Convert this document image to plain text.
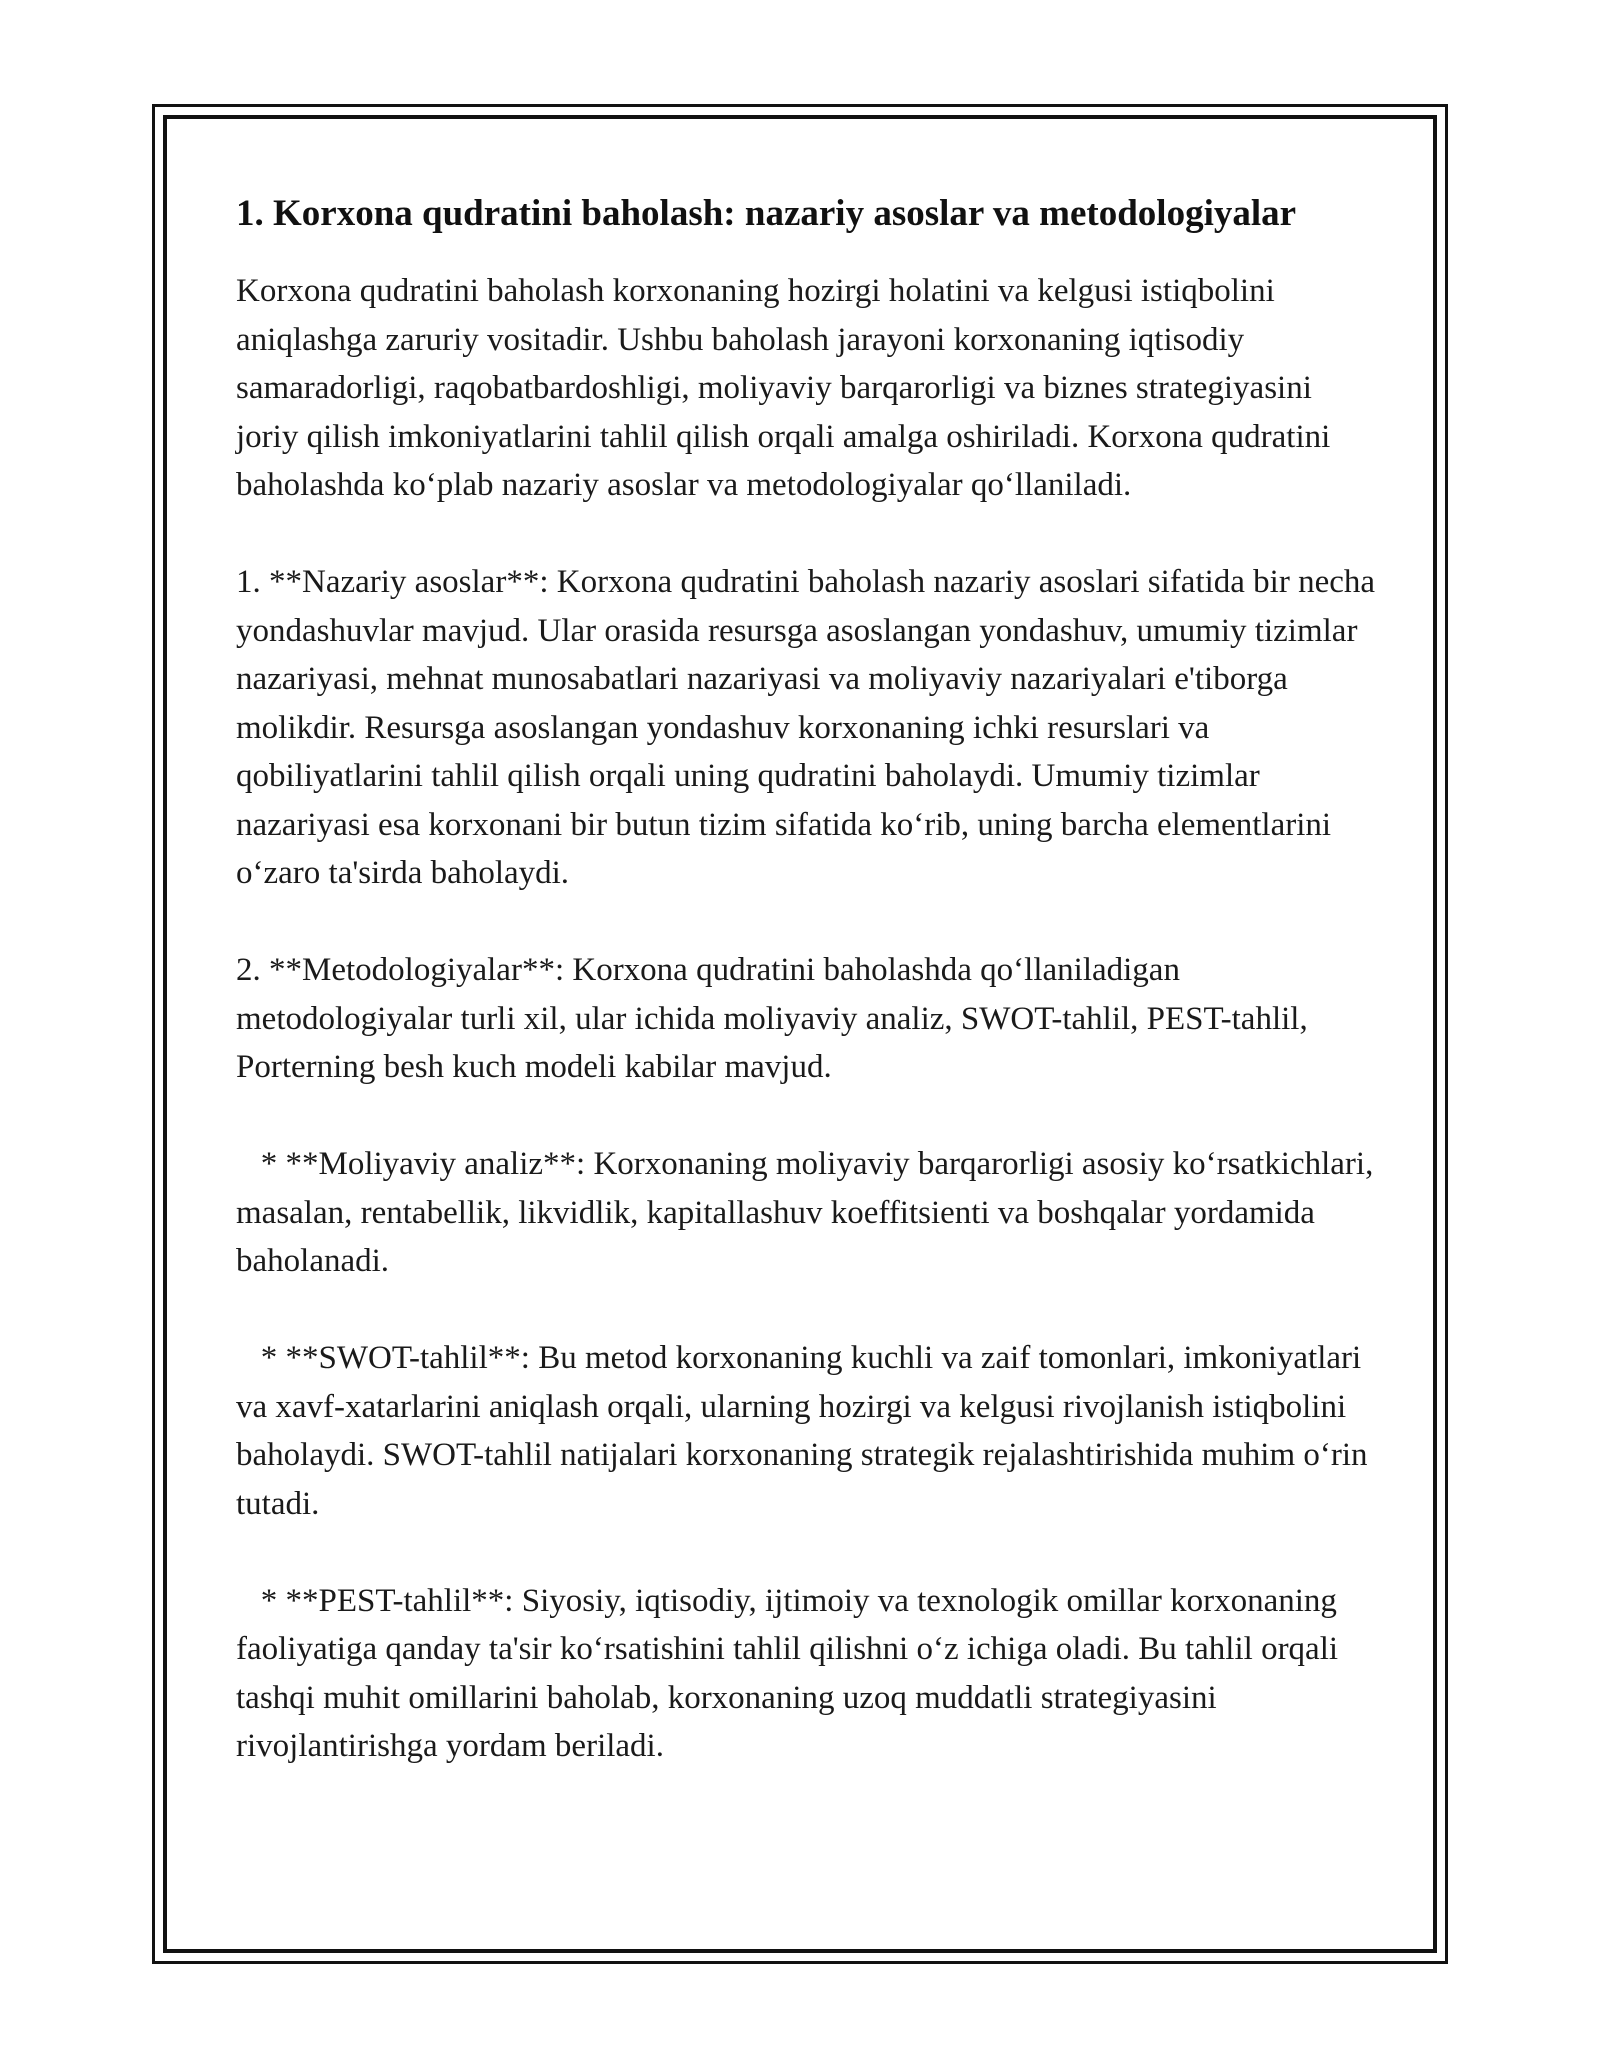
1. Korxona qudratini baholash: nazariy asoslar va metodologiyalar

Korxona qudratini baholash korxonaning hozirgi holatini va kelgusi istiqbolini aniqlashga zaruriy vositadir. Ushbu baholash jarayoni korxonaning iqtisodiy samaradorligi, raqobatbardoshligi, moliyaviy barqarorligi va biznes strategiyasini joriy qilish imkoniyatlarini tahlil qilish orqali amalga oshiriladi. Korxona qudratini baholashda ko‘plab nazariy asoslar va metodologiyalar qo‘llaniladi.

1. **Nazariy asoslar**: Korxona qudratini baholash nazariy asoslari sifatida bir necha yondashuvlar mavjud. Ular orasida resursga asoslangan yondashuv, umumiy tizimlar nazariyasi, mehnat munosabatlari nazariyasi va moliyaviy nazariyalari e'tiborga molikdir. Resursga asoslangan yondashuv korxonaning ichki resurslari va qobiliyatlarini tahlil qilish orqali uning qudratini baholaydi. Umumiy tizimlar nazariyasi esa korxonani bir butun tizim sifatida ko‘rib, uning barcha elementlarini o‘zaro ta'sirda baholaydi.

2. **Metodologiyalar**: Korxona qudratini baholashda qo‘llaniladigan metodologiyalar turli xil, ular ichida moliyaviy analiz, SWOT-tahlil, PEST-tahlil, Porterning besh kuch modeli kabilar mavjud.

* **Moliyaviy analiz**: Korxonaning moliyaviy barqarorligi asosiy ko‘rsatkichlari, masalan, rentabellik, likvidlik, kapitallashuv koeffitsienti va boshqalar yordamida baholanadi.

* **SWOT-tahlil**: Bu metod korxonaning kuchli va zaif tomonlari, imkoniyatlari va xavf-xatarlarini aniqlash orqali, ularning hozirgi va kelgusi rivojlanish istiqbolini baholaydi. SWOT-tahlil natijalari korxonaning strategik rejalashtirishida muhim o‘rin tutadi.

* **PEST-tahlil**: Siyosiy, iqtisodiy, ijtimoiy va texnologik omillar korxonaning faoliyatiga qanday ta'sir ko‘rsatishini tahlil qilishni o‘z ichiga oladi. Bu tahlil orqali tashqi muhit omillarini baholab, korxonaning uzoq muddatli strategiyasini rivojlantirishga yordam beriladi.
